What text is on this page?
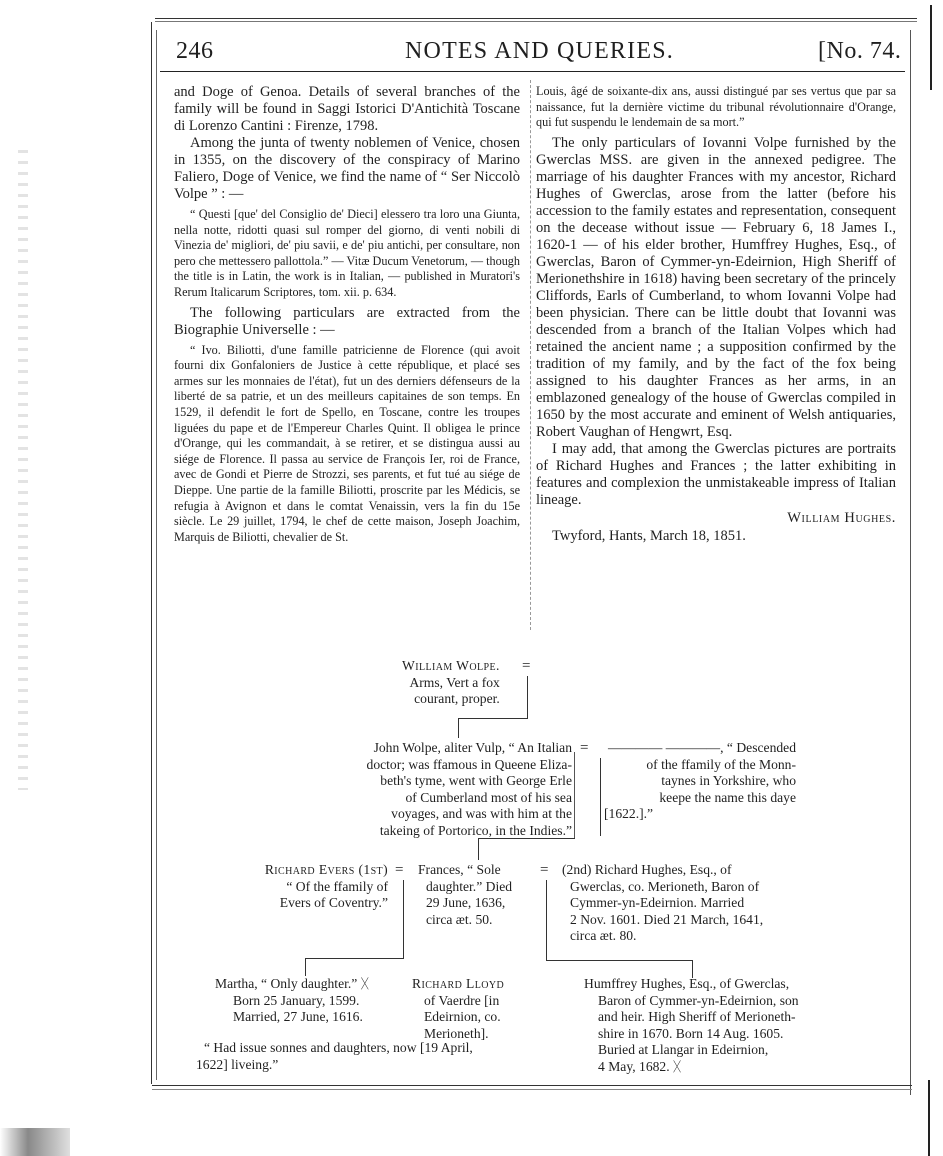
246	NOTES AND QUERIES.	[No. 74.

and Doge of Genoa. Details of several branches of the family will be found in Saggi Istorici D'Antichità Toscane di Lorenzo Cantini : Firenze, 1798.

Among the junta of twenty noblemen of Venice, chosen in 1355, on the discovery of the conspiracy of Marino Faliero, Doge of Venice, we find the name of “ Ser Niccolò Volpe ” : —

“ Questi [que' del Consiglio de' Dieci] elessero tra loro una Giunta, nella notte, ridotti quasi sul romper del giorno, di venti nobili di Vinezia de' migliori, de' piu savii, e de' piu antichi, per consultare, non pero che mettessero pallottola.” — Vitæ Ducum Venetorum, — though the title is in Latin, the work is in Italian, — published in Muratori's Rerum Italicarum Scriptores, tom. xii. p. 634.

The following particulars are extracted from the Biographie Universelle : —

“ Ivo. Biliotti, d'une famille patricienne de Florence (qui avoit fourni dix Gonfaloniers de Justice à cette république, et placé ses armes sur les monnaies de l'état), fut un des derniers défenseurs de la liberté de sa patrie, et un des meilleurs capitaines de son temps. En 1529, il defendit le fort de Spello, en Toscane, contre les troupes liguées du pape et de l'Empereur Charles Quint. Il obligea le prince d'Orange, qui les commandait, à se retirer, et se distingua aussi au siége de Florence. Il passa au service de François Ier, roi de France, avec de Gondi et Pierre de Strozzi, ses parents, et fut tué au siége de Dieppe. Une partie de la famille Biliotti, proscrite par les Médicis, se refugia à Avignon et dans le comtat Venaissin, vers la fin du 15e siècle. Le 29 juillet, 1794, le chef de cette maison, Joseph Joachim, Marquis de Biliotti, chevalier de St.

Louis, âgé de soixante-dix ans, aussi distingué par ses vertus que par sa naissance, fut la dernière victime du tribunal révolutionnaire d'Orange, qui fut suspendu le lendemain de sa mort.”

The only particulars of Iovanni Volpe furnished by the Gwerclas MSS. are given in the annexed pedigree. The marriage of his daughter Frances with my ancestor, Richard Hughes of Gwerclas, arose from the latter (before his accession to the family estates and representation, consequent on the decease without issue — February 6, 18 James I., 1620-1 — of his elder brother, Humffrey Hughes, Esq., of Gwerclas, Baron of Cymmer-yn-Edeirnion, High Sheriff of Merionethshire in 1618) having been secretary of the princely Cliffords, Earls of Cumberland, to whom Iovanni Volpe had been physician. There can be little doubt that Iovanni was descended from a branch of the Italian Volpes which had retained the ancient name ; a supposition confirmed by the tradition of my family, and by the fact of the fox being assigned to his daughter Frances as her arms, in an emblazoned genealogy of the house of Gwerclas compiled in 1650 by the most accurate and eminent of Welsh antiquaries, Robert Vaughan of Hengwrt, Esq.

I may add, that among the Gwerclas pictures are portraits of Richard Hughes and Frances ; the latter exhibiting in features and complexion the unmistakeable impress of Italian lineage.

William Hughes.

Twyford, Hants, March 18, 1851.

William Wolpe.
Arms, Vert a fox
courant, proper.
=
John Wolpe, aliter Vulp, “ An Italian
doctor; was ffamous in Queene Eliza-
beth's tyme, went with George Erle
of Cumberland most of his sea
voyages, and was with him at the
takeing of Portorico, in the Indies.”
= ———— ————, “ Descended
of the ffamily of the Monn-
taynes in Yorkshire, who
keepe the name this daye
[1622.].”
Richard Evers (1st)
“ Of the ffamily of
Evers of Coventry.”
= Frances, “ Sole
daughter.” Died
29 June, 1636,
circa æt. 50.
= (2nd) Richard Hughes, Esq., of
Gwerclas, co. Merioneth, Baron of
Cymmer-yn-Edeirnion. Married
2 Nov. 1601. Died 21 March, 1641,
circa æt. 80.
Martha, “ Only daughter.” ᚷ
Born 25 January, 1599.
Married, 27 June, 1616.
Richard Lloyd
of Vaerdre [in
Edeirnion, co.
Merioneth].
“ Had issue sonnes and daughters, now [19 April,
1622] liveing.”
Humffrey Hughes, Esq., of Gwerclas,
Baron of Cymmer-yn-Edeirnion, son
and heir. High Sheriff of Merioneth-
shire in 1670. Born 14 Aug. 1605.
Buried at Llangar in Edeirnion,
4 May, 1682. ᚷ
